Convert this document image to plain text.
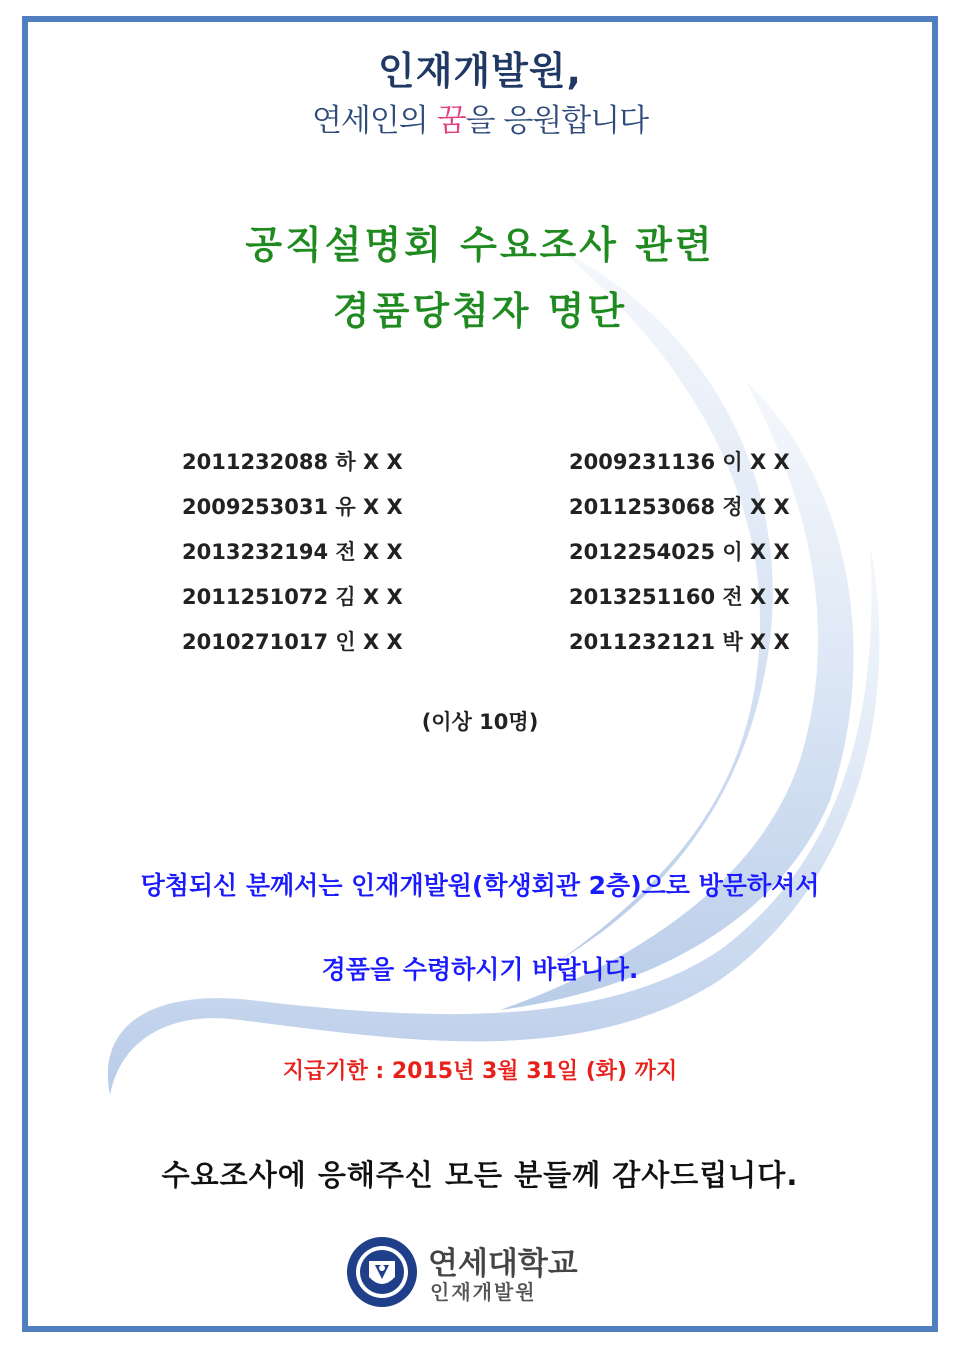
인재개발원,
연세인의 꿈을 응원합니다
공직설명회 수요조사 관련
경품당첨자 명단
2011232088 하 X X
2009253031 유 X X
2013232194 전 X X
2011251072 김 X X
2010271017 인 X X
2009231136 이 X X
2011253068 정 X X
2012254025 이 X X
2013251160 전 X X
2011232121 박 X X
(이상 10명)
당첨되신 분께서는 인재개발원(학생회관 2층)으로 방문하셔서
경품을 수령하시기 바랍니다.
지급기한 : 2015년 3월 31일 (화) 까지
수요조사에 응해주신 모든 분들께 감사드립니다.
연세대학교
인재개발원
